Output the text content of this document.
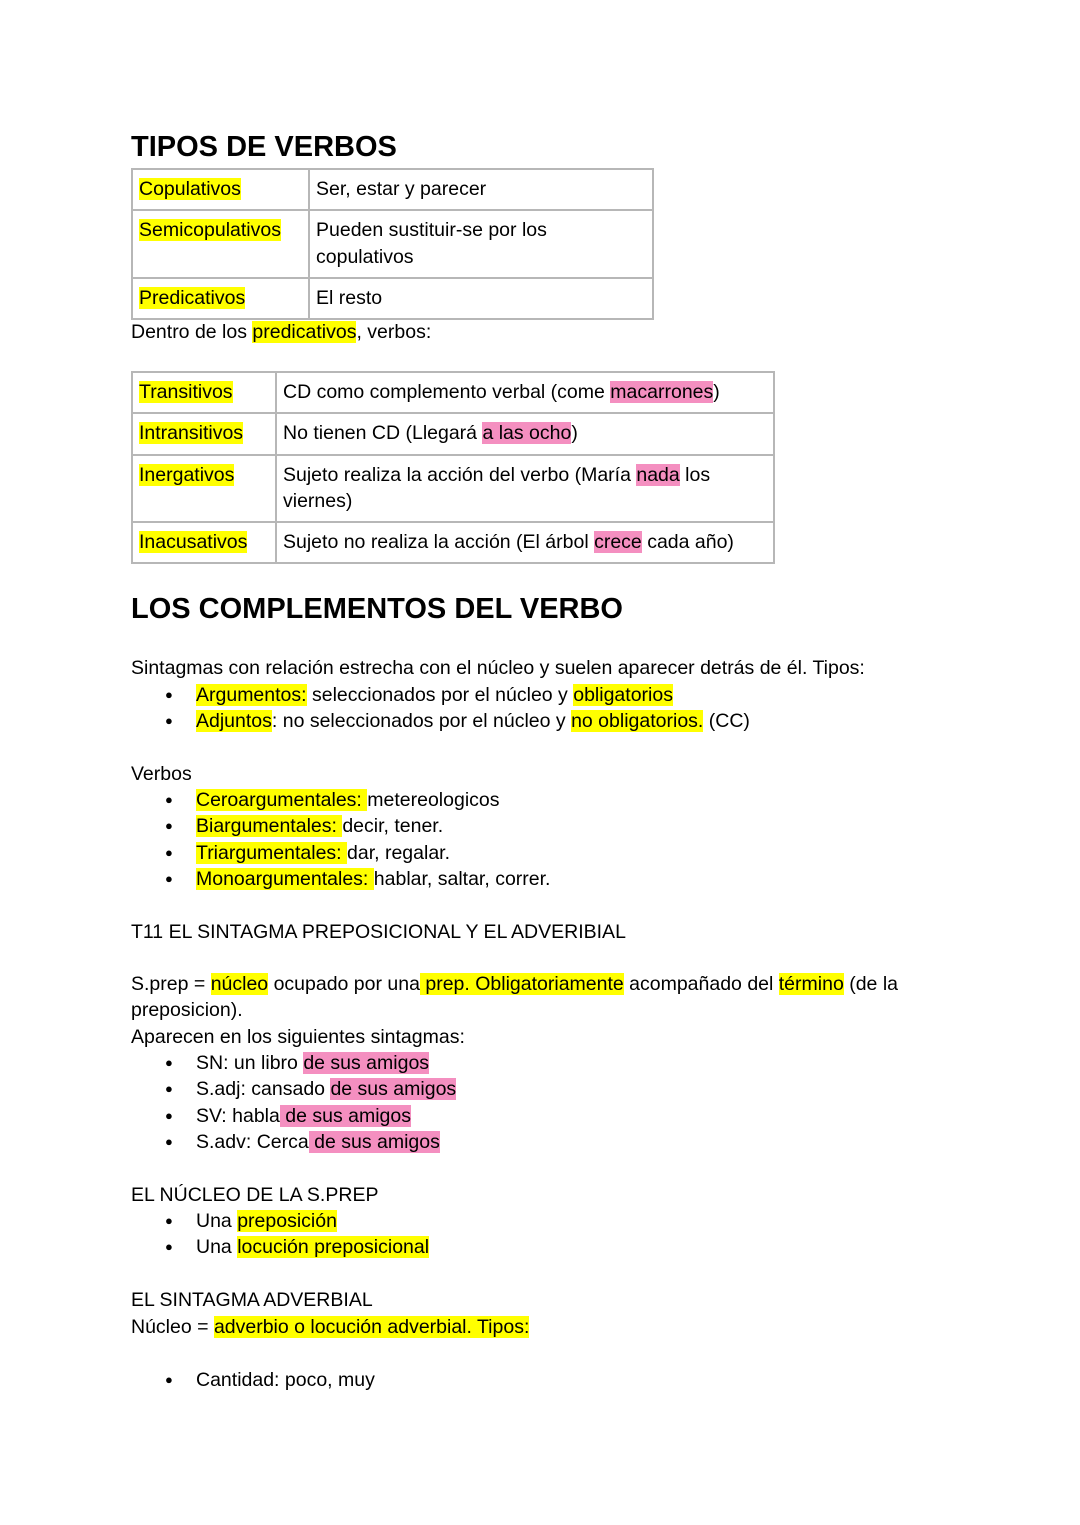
TIPOS DE VERBOS
Copulativos	Ser, estar y parecer
Semicopulativos	Pueden sustituir-se por los
copulativos
Predicativos	El resto
Dentro de los predicativos, verbos:
Transitivos	CD como complemento verbal (come macarrones)
Intransitivos	No tienen CD (Llegará a las ocho)
Inergativos	Sujeto realiza la acción del verbo (María nada los
viernes)
Inacusativos	Sujeto no realiza la acción (El árbol crece cada año)
LOS COMPLEMENTOS DEL VERBO
Sintagmas con relación estrecha con el núcleo y suelen aparecer detrás de él. Tipos:
● Argumentos: seleccionados por el núcleo y obligatorios
● Adjuntos: no seleccionados por el núcleo y no obligatorios. (CC)
Verbos
● Ceroargumentales: metereologicos
● Biargumentales: decir, tener.
● Triargumentales: dar, regalar.
● Monoargumentales: hablar, saltar, correr.
T11 EL SINTAGMA PREPOSICIONAL Y EL ADVERIBIAL
S.prep = núcleo ocupado por una prep. Obligatoriamente acompañado del término (de la
preposicion).
Aparecen en los siguientes sintagmas:
● SN: un libro de sus amigos
● S.adj: cansado de sus amigos
● SV: habla de sus amigos
● S.adv: Cerca de sus amigos
EL NÚCLEO DE LA S.PREP
● Una preposición
● Una locución preposicional
EL SINTAGMA ADVERBIAL
Núcleo = adverbio o locución adverbial. Tipos:
● Cantidad: poco, muy
